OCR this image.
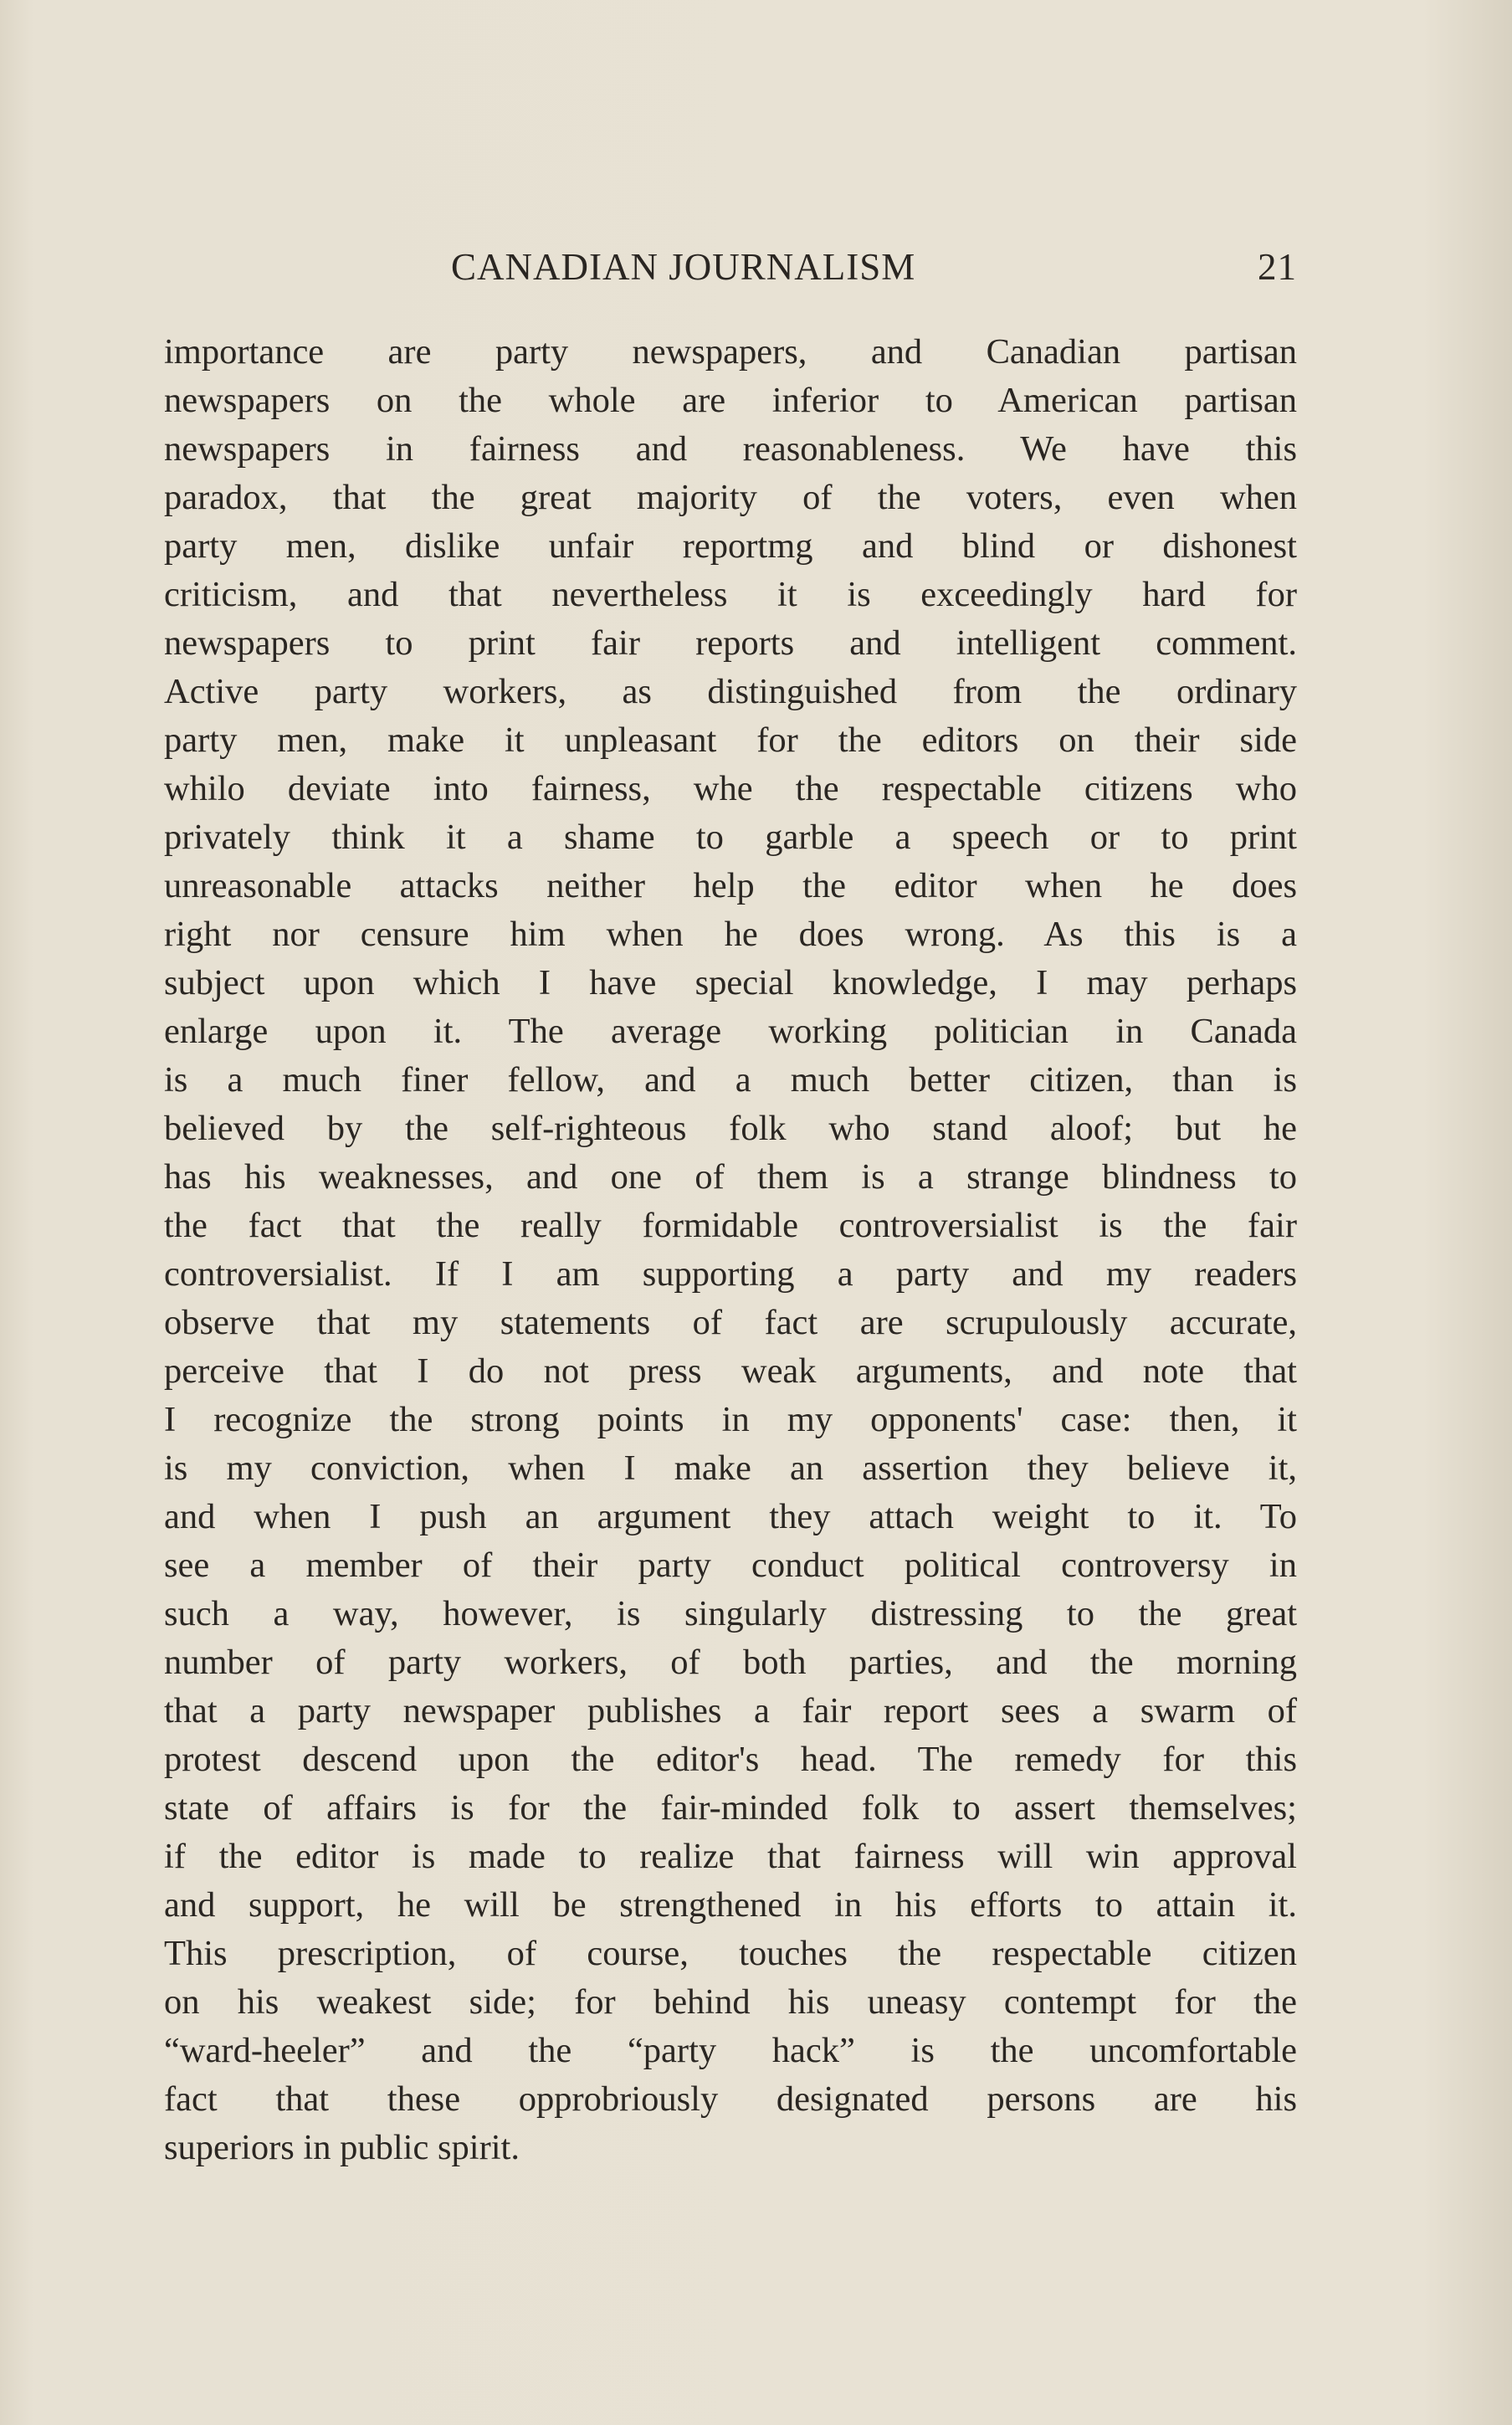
CANADIAN JOURNALISM	21
importance are party newspapers, and Canadian partisan
newspapers on the whole are inferior to American partisan
newspapers in fairness and reasonableness. We have this
paradox, that the great majority of the voters, even when
party men, dislike unfair reportmg and blind or dishonest
criticism, and that nevertheless it is exceedingly hard for
newspapers to print fair reports and intelligent comment.
Active party workers, as distinguished from the ordinary
party men, make it unpleasant for the editors on their side
whilo deviate into fairness, whe the respectable citizens who
privately think it a shame to garble a speech or to print
unreasonable attacks neither help the editor when he does
right nor censure him when he does wrong. As this is a
subject upon which I have special knowledge, I may perhaps
enlarge upon it. The average working politician in Canada
is a much finer fellow, and a much better citizen, than is
believed by the self-righteous folk who stand aloof; but he
has his weaknesses, and one of them is a strange blindness to
the fact that the really formidable controversialist is the fair
controversialist. If I am supporting a party and my readers
observe that my statements of fact are scrupulously accurate,
perceive that I do not press weak arguments, and note that
I recognize the strong points in my opponents' case: then, it
is my conviction, when I make an assertion they believe it,
and when I push an argument they attach weight to it. To
see a member of their party conduct political controversy in
such a way, however, is singularly distressing to the great
number of party workers, of both parties, and the morning
that a party newspaper publishes a fair report sees a swarm of
protest descend upon the editor's head. The remedy for this
state of affairs is for the fair-minded folk to assert themselves;
if the editor is made to realize that fairness will win approval
and support, he will be strengthened in his efforts to attain it.
This prescription, of course, touches the respectable citizen
on his weakest side; for behind his uneasy contempt for the
“ward-heeler” and the “party hack” is the uncomfortable
fact that these opprobriously designated persons are his
superiors in public spirit.
